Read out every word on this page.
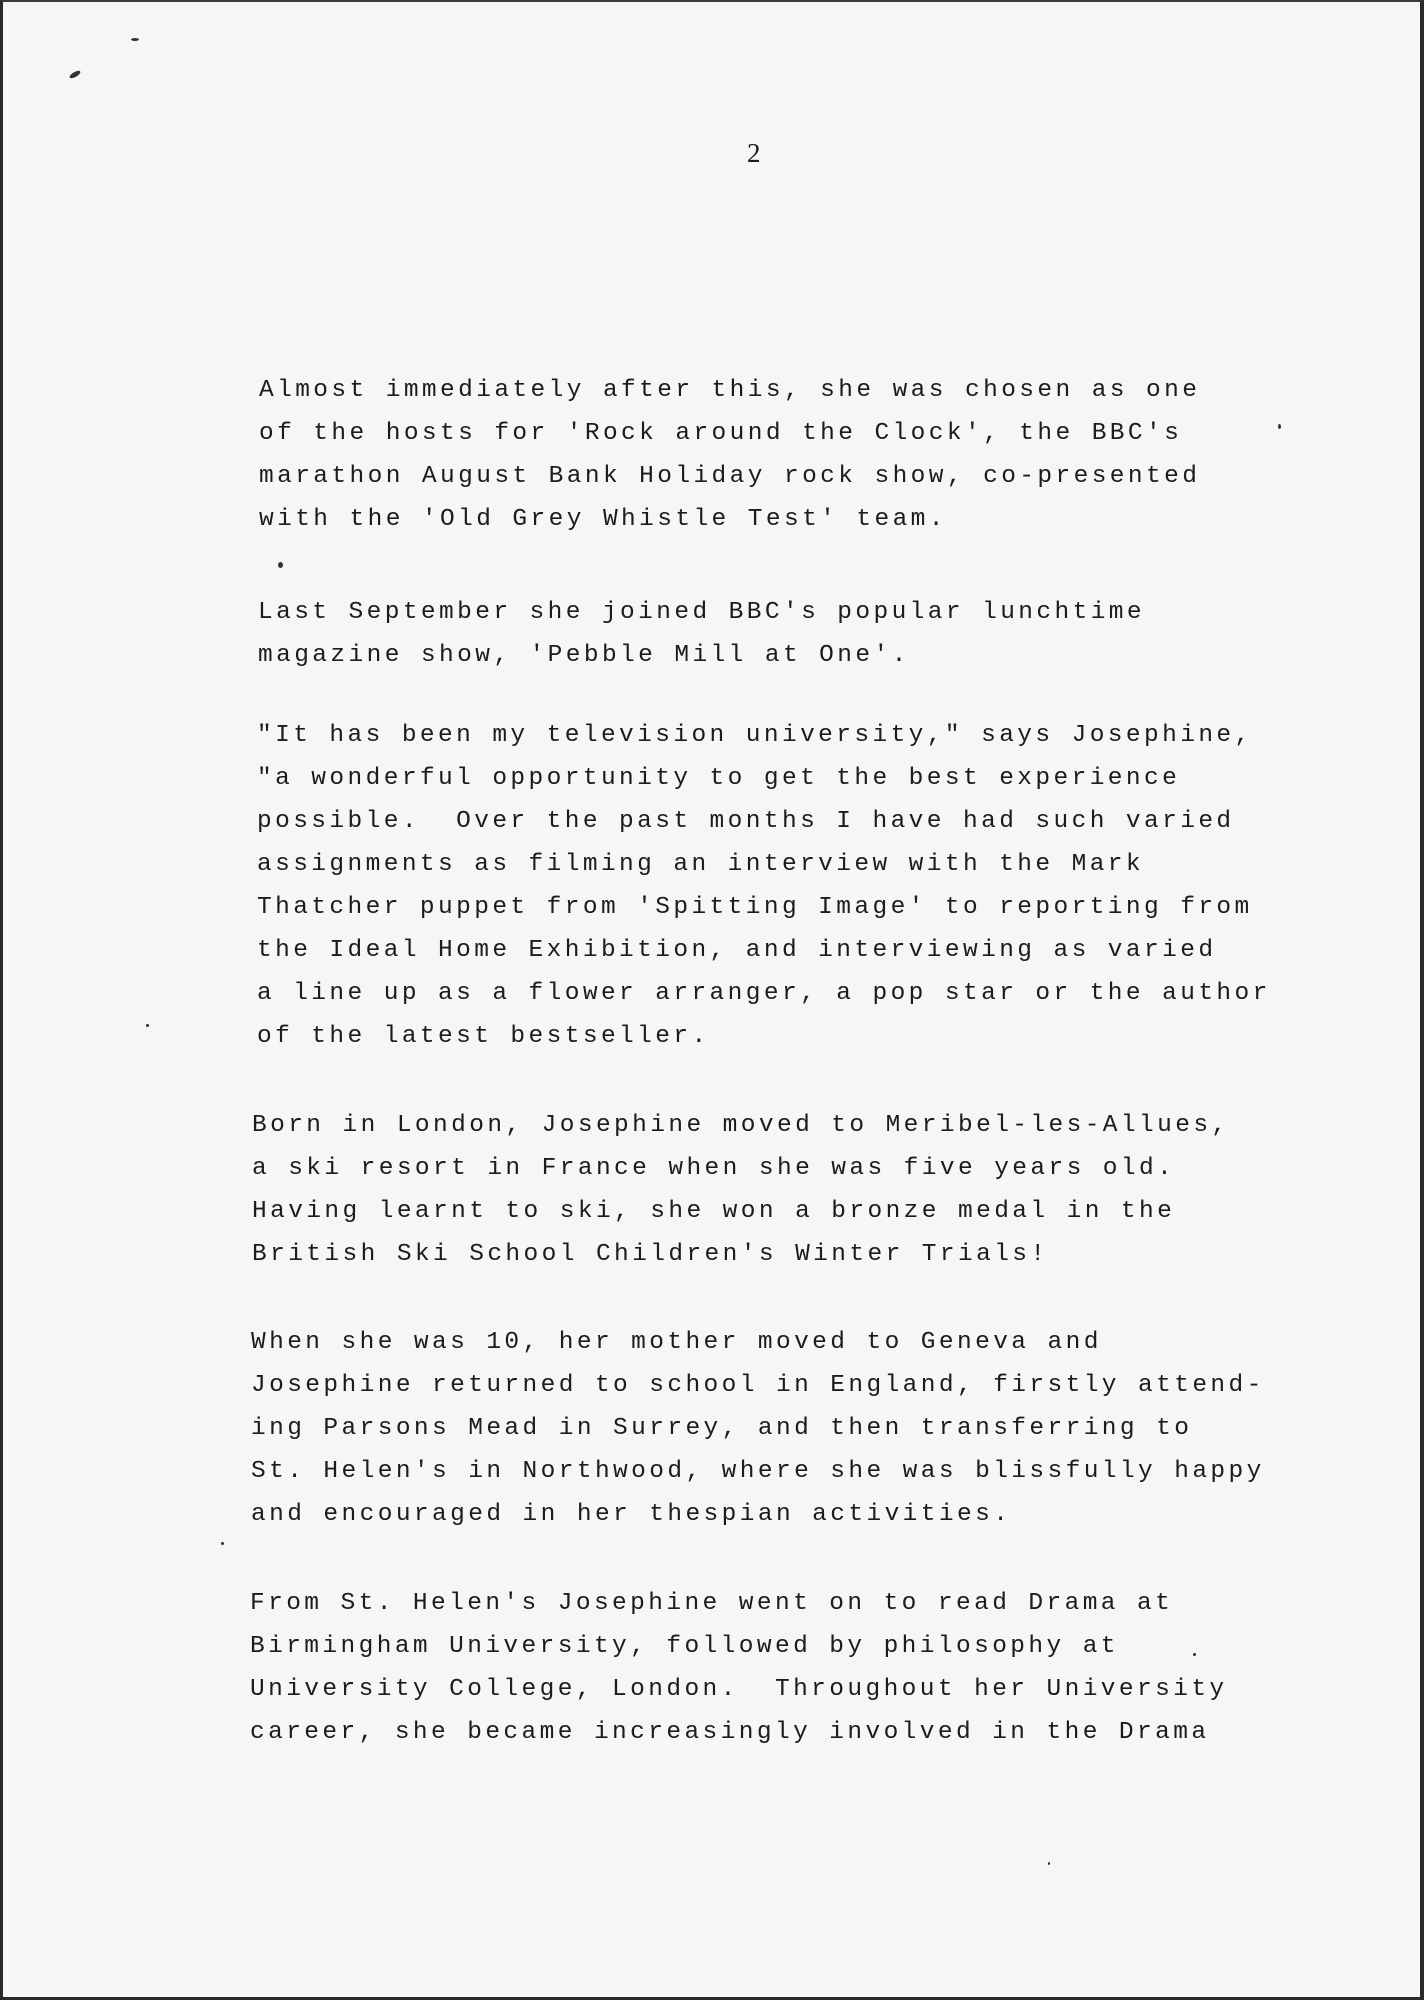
2
Almost immediately after this, she was chosen as one
of the hosts for 'Rock around the Clock', the BBC's
marathon August Bank Holiday rock show, co-presented
with the 'Old Grey Whistle Test' team.
Last September she joined BBC's popular lunchtime
magazine show, 'Pebble Mill at One'.
"It has been my television university," says Josephine,
"a wonderful opportunity to get the best experience
possible.  Over the past months I have had such varied
assignments as filming an interview with the Mark
Thatcher puppet from 'Spitting Image' to reporting from
the Ideal Home Exhibition, and interviewing as varied
a line up as a flower arranger, a pop star or the author
of the latest bestseller.
Born in London, Josephine moved to Meribel-les-Allues,
a ski resort in France when she was five years old.
Having learnt to ski, she won a bronze medal in the
British Ski School Children's Winter Trials!
When she was 10, her mother moved to Geneva and
Josephine returned to school in England, firstly attend-
ing Parsons Mead in Surrey, and then transferring to
St. Helen's in Northwood, where she was blissfully happy
and encouraged in her thespian activities.
From St. Helen's Josephine went on to read Drama at
Birmingham University, followed by philosophy at
University College, London.  Throughout her University
career, she became increasingly involved in the Drama
